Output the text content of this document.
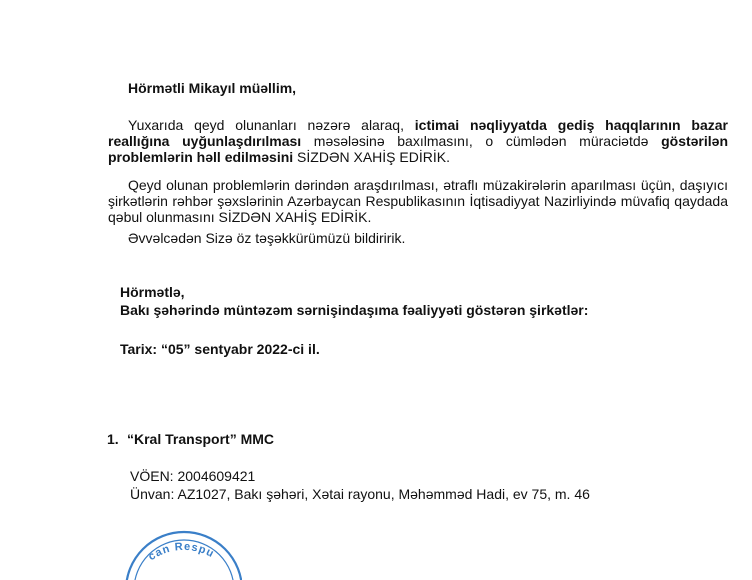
Hörmətli Mikayıl müəllim,
Yuxarıda qeyd olunanları nəzərə alaraq, ictimai nəqliyyatda gediş haqqlarının bazar reallığına uyğunlaşdırılması məsələsinə baxılmasını, o cümlədən müraciətdə göstərilən problemlərin həll edilməsini SİZDƏN XAHİŞ EDİRİK.
Qeyd olunan problemlərin dərindən araşdırılması, ətraflı müzakirələrin aparılması üçün, daşıyıcı şirkətlərin rəhbər şəxslərinin Azərbaycan Respublikasının İqtisadiyyat Nazirliyində müvafiq qaydada qəbul olunmasını SİZDƏN XAHİŞ EDİRİK.
Əvvəlcədən Sizə öz təşəkkürümüzü bildiririk.
Hörmətlə,
Bakı şəhərində müntəzəm sərnişindaşıma fəaliyyəti göstərən şirkətlər:
Tarix: “05” sentyabr 2022-ci il.
1. “Kral Transport” MMC
VÖEN: 2004609421
Ünvan: AZ1027, Bakı şəhəri, Xətai rayonu, Məhəmməd Hadi, ev 75, m. 46
can Respu
